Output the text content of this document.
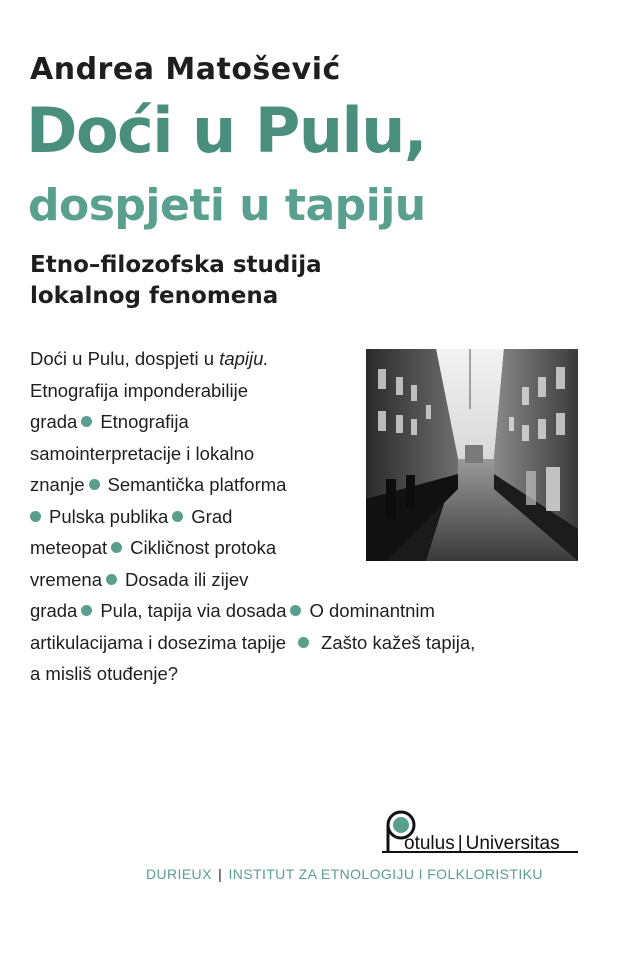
Andrea Matošević
Doći u Pulu,
dospjeti u tapiju
Etno–filozofska studija
lokalnog fenomena
Doći u Pulu, dospjeti u tapiju.
Etnografija imponderabilije
grada Etnografija
samointerpretacije i lokalno
znanje Semantička platforma
Pulska publika Grad
meteopat Cikličnost protoka
vremena Dosada ili zijev
grada Pula, tapija via dosada O dominantnim
artikulacijama i dosezima tapije Zašto kažeš tapija,
a misliš otuđenje?
otulus | Universitas
DURIEUX | INSTITUT ZA ETNOLOGIJU I FOLKLORISTIKU
